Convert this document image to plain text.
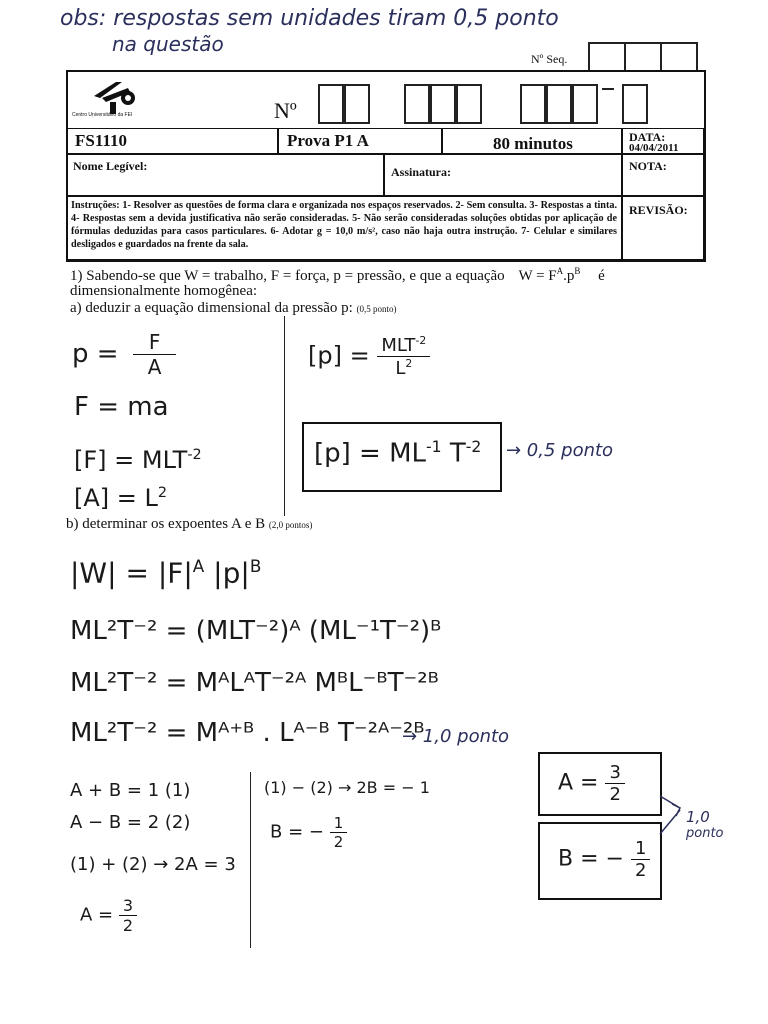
obs: respostas sem unidades tiram 0,5 ponto
na questão
Nº Seq.
Centro Universitário da FEI	Nº
FS1110	Prova P1 A	80 minutos	DATA:
04/04/2011
Nome Legível:	Assinatura:	NOTA:
Instruções: 1- Resolver as questões de forma clara e organizada nos espaços reservados. 2- Sem consulta. 3- Respostas a tinta. 4- Respostas sem a devida justificativa não serão consideradas. 5- Não serão consideradas soluções obtidas por aplicação de fórmulas deduzidas para casos particulares. 6- Adotar g = 10,0 m/s², caso não haja outra instrução. 7- Celular e similares desligados e guardados na frente da sala.
REVISÃO:
1) Sabendo-se que W = trabalho, F = força, p = pressão, e que a equação $W = F^A.p^B$ é
dimensionalmente homogênea:
a) deduzir a equação dimensional da pressão p: (0,5 ponto)
$p = \frac{F}{A}$
F = ma
$[F] = MLT^{-2}$
$[A] = L^2$
$[p] = \frac{MLT^{-2}}{L^2}$
$[p] = ML^{-1}$ $T^{-2} \to 0,5$ ponto
b) determinar os expoentes A e B (2,0 pontos)
$|W| = |F|^A$ $|p|^B$
ML²T⁻² = (MLT⁻²)ᴬ (ML⁻¹T⁻²)ᴮ
ML²T⁻² = MᴬLᴬT⁻²ᴬ MᴮL⁻ᴮT⁻²ᴮ
ML²T⁻² = Mᴬ⁺ᴮ . Lᴬ⁻ᴮ T⁻²ᴬ⁻²ᴮ
→ 1,0 ponto
A + B = 1 (1)
A − B = 2 (2)
(1) + (2) → 2A = 3
$A = \frac{3}{2}$
(1) − (2) → 2B = − 1
B = − $\frac{1}{2}$
$A = \frac{3}{2}$
B = − $\frac{1}{2}$
1,0
ponto
